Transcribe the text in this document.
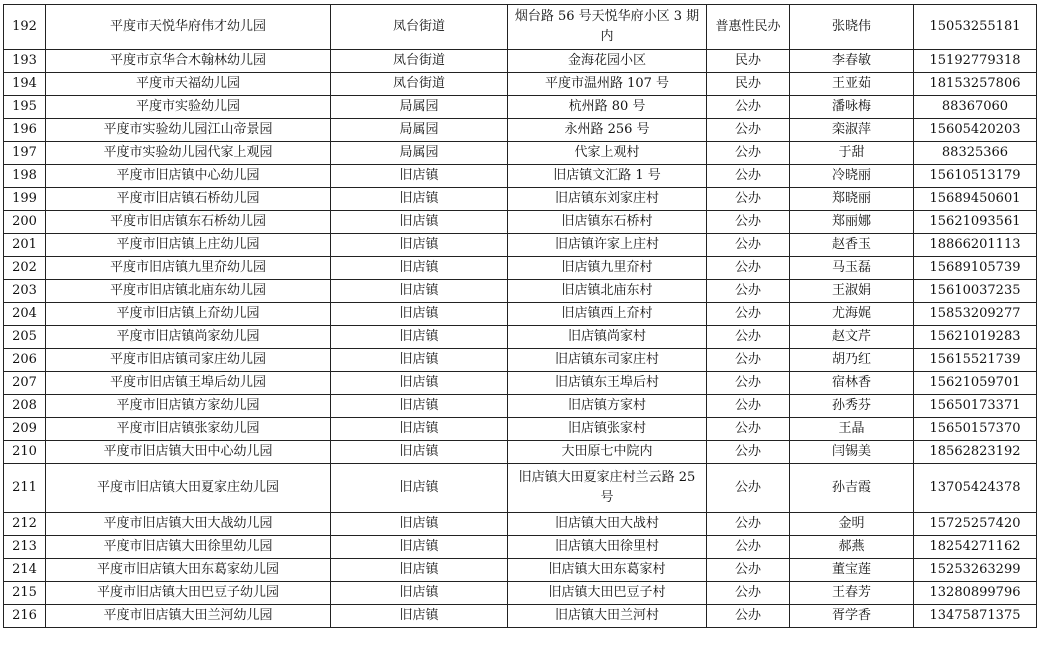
192	平度市天悦华府伟才幼儿园	凤台街道	烟台路 56 号天悦华府小区 3 期内	普惠性民办	张晓伟	15053255181
193	平度市京华合木翰林幼儿园	凤台街道	金海花园小区	民办	李春敏	15192779318
194	平度市天福幼儿园	凤台街道	平度市温州路 107 号	民办	王亚茹	18153257806
195	平度市实验幼儿园	局属园	杭州路 80 号	公办	潘咏梅	88367060
196	平度市实验幼儿园江山帝景园	局属园	永州路 256 号	公办	栾淑萍	15605420203
197	平度市实验幼儿园代家上观园	局属园	代家上观村	公办	于甜	88325366
198	平度市旧店镇中心幼儿园	旧店镇	旧店镇文汇路 1 号	公办	冷晓丽	15610513179
199	平度市旧店镇石桥幼儿园	旧店镇	旧店镇东刘家庄村	公办	郑晓丽	15689450601
200	平度市旧店镇东石桥幼儿园	旧店镇	旧店镇东石桥村	公办	郑丽娜	15621093561
201	平度市旧店镇上庄幼儿园	旧店镇	旧店镇许家上庄村	公办	赵香玉	18866201113
202	平度市旧店镇九里夼幼儿园	旧店镇	旧店镇九里夼村	公办	马玉磊	15689105739
203	平度市旧店镇北庙东幼儿园	旧店镇	旧店镇北庙东村	公办	王淑娟	15610037235
204	平度市旧店镇上夼幼儿园	旧店镇	旧店镇西上夼村	公办	尤海娓	15853209277
205	平度市旧店镇尚家幼儿园	旧店镇	旧店镇尚家村	公办	赵文芹	15621019283
206	平度市旧店镇司家庄幼儿园	旧店镇	旧店镇东司家庄村	公办	胡乃红	15615521739
207	平度市旧店镇王埠后幼儿园	旧店镇	旧店镇东王埠后村	公办	宿林香	15621059701
208	平度市旧店镇方家幼儿园	旧店镇	旧店镇方家村	公办	孙秀芬	15650173371
209	平度市旧店镇张家幼儿园	旧店镇	旧店镇张家村	公办	王晶	15650157370
210	平度市旧店镇大田中心幼儿园	旧店镇	大田原七中院内	公办	闫锡美	18562823192
211	平度市旧店镇大田夏家庄幼儿园	旧店镇	旧店镇大田夏家庄村兰云路 25 号	公办	孙吉霞	13705424378
212	平度市旧店镇大田大战幼儿园	旧店镇	旧店镇大田大战村	公办	金明	15725257420
213	平度市旧店镇大田徐里幼儿园	旧店镇	旧店镇大田徐里村	公办	郝燕	18254271162
214	平度市旧店镇大田东葛家幼儿园	旧店镇	旧店镇大田东葛家村	公办	董宝莲	15253263299
215	平度市旧店镇大田巴豆子幼儿园	旧店镇	旧店镇大田巴豆子村	公办	王春芳	13280899796
216	平度市旧店镇大田兰河幼儿园	旧店镇	旧店镇大田兰河村	公办	胥学香	13475871375
